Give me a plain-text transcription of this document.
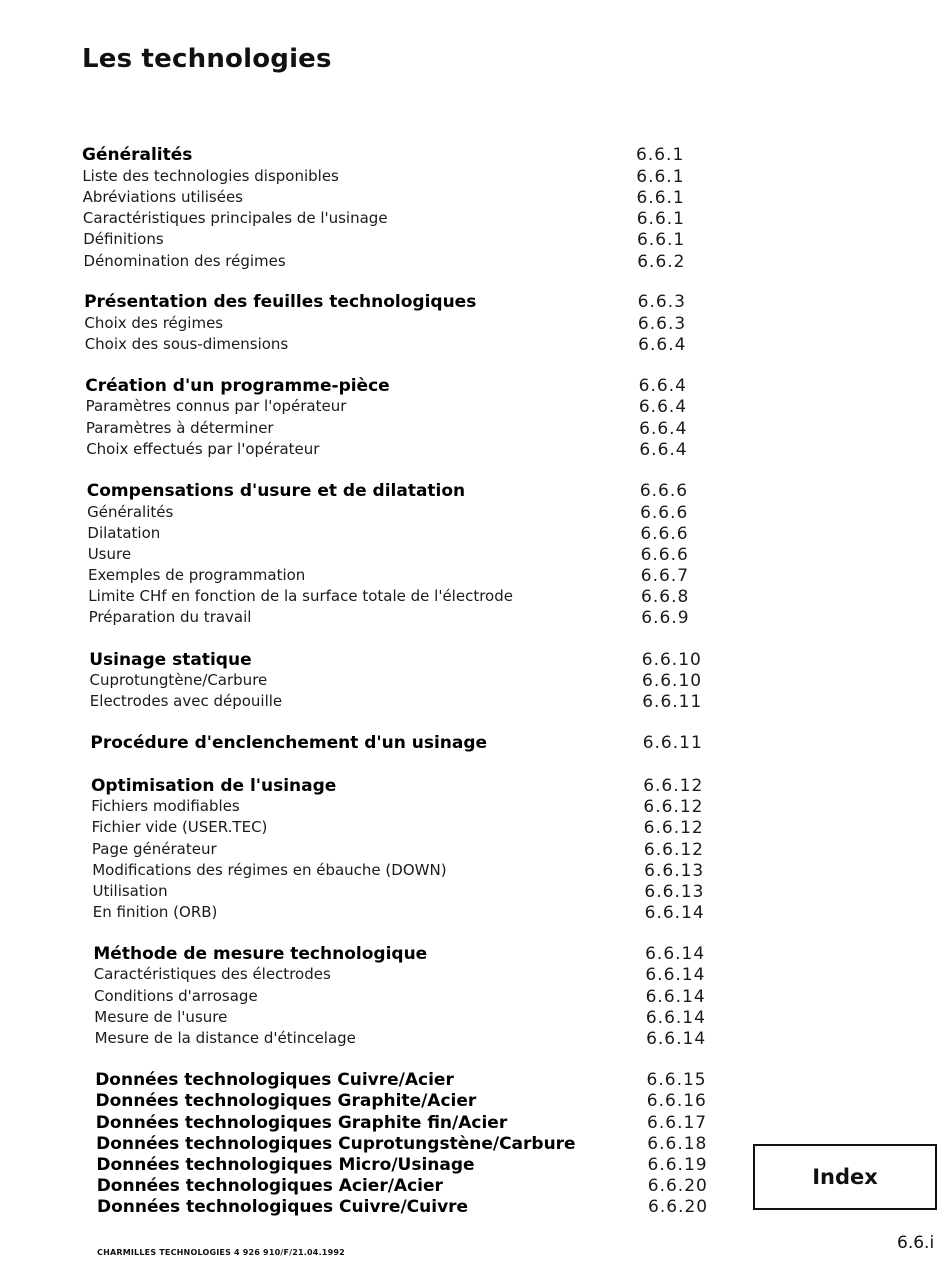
Les technologies
Généralités	6.6.1
Liste des technologies disponibles	6.6.1
Abréviations utilisées	6.6.1
Caractéristiques principales de l'usinage	6.6.1
Définitions	6.6.1
Dénomination des régimes	6.6.2
Présentation des feuilles technologiques	6.6.3
Choix des régimes	6.6.3
Choix des sous-dimensions	6.6.4
Création d'un programme-pièce	6.6.4
Paramètres connus par l'opérateur	6.6.4
Paramètres à déterminer	6.6.4
Choix effectués par l'opérateur	6.6.4
Compensations d'usure et de dilatation	6.6.6
Généralités	6.6.6
Dilatation	6.6.6
Usure	6.6.6
Exemples de programmation	6.6.7
Limite CHf en fonction de la surface totale de l'électrode	6.6.8
Préparation du travail	6.6.9
Usinage statique	6.6.10
Cuprotungtène/Carbure	6.6.10
Electrodes avec dépouille	6.6.11
Procédure d'enclenchement d'un usinage	6.6.11
Optimisation de l'usinage	6.6.12
Fichiers modifiables	6.6.12
Fichier vide (USER.TEC)	6.6.12
Page générateur	6.6.12
Modifications des régimes en ébauche (DOWN)	6.6.13
Utilisation	6.6.13
En finition (ORB)	6.6.14
Méthode de mesure technologique	6.6.14
Caractéristiques des électrodes	6.6.14
Conditions d'arrosage	6.6.14
Mesure de l'usure	6.6.14
Mesure de la distance d'étincelage	6.6.14
Données technologiques Cuivre/Acier	6.6.15
Données technologiques Graphite/Acier	6.6.16
Données technologiques Graphite fin/Acier	6.6.17
Données technologiques Cuprotungstène/Carbure	6.6.18
Données technologiques Micro/Usinage	6.6.19
Données technologiques Acier/Acier	6.6.20
Données technologiques Cuivre/Cuivre	6.6.20
Index
CHARMILLES TECHNOLOGIES 4 926 910/F/21.04.1992	6.6.i
